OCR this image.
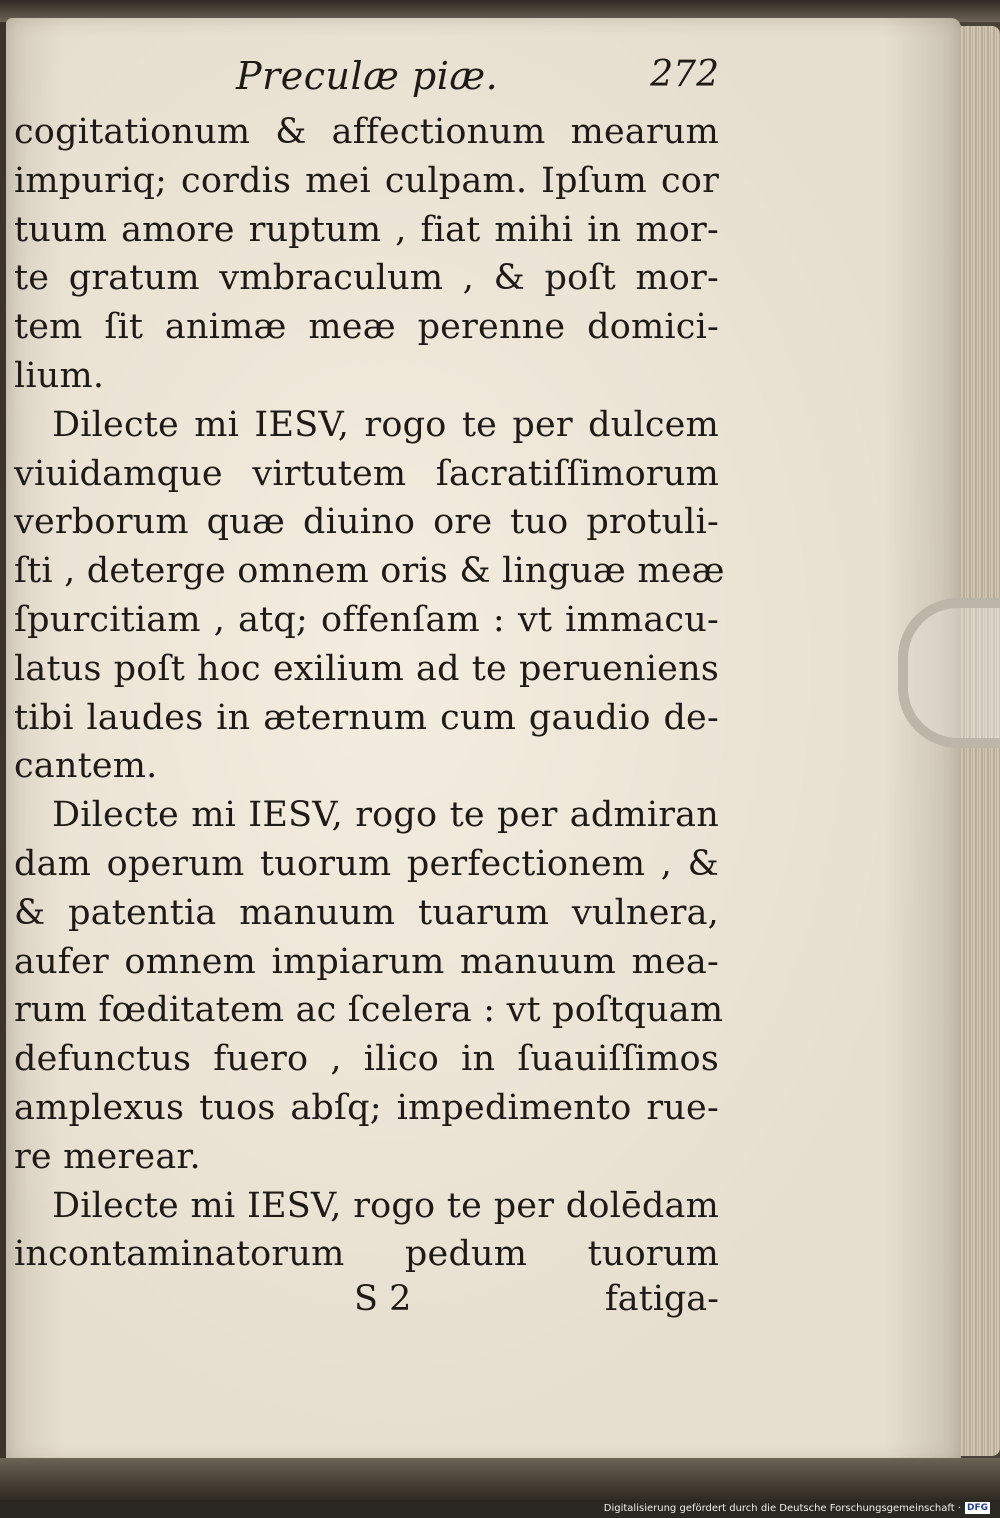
Preculæ piæ.	272
cogitationum & affectionum mearum
impuriq; cordis mei culpam. Ipſum cor
tuum amore ruptum , fiat mihi in mor-
te gratum vmbraculum , & poſt mor-
tem ſit animæ meæ perenne domici-
lium.
Dilecte mi IESV, rogo te per dulcem
viuidamque virtutem ſacratiſſimorum
verborum quæ diuino ore tuo protuli-
ſti , deterge omnem oris & linguæ meæ
ſpurcitiam , atq; offenſam : vt immacu-
latus poſt hoc exilium ad te perueniens
tibi laudes in æternum cum gaudio de-
cantem.
Dilecte mi IESV, rogo te per admiran
dam operum tuorum perfectionem , &
& patentia manuum tuarum vulnera,
aufer omnem impiarum manuum mea-
rum fœditatem ac ſcelera : vt poſtquam
defunctus fuero , ilico in ſuauiſſimos
amplexus tuos abſq; impedimento rue-
re merear.
Dilecte mi IESV, rogo te per dolēdam
incontaminatorum pedum tuorum
S 2	fatiga-
Digitalisierung gefördert durch die Deutsche Forschungsgemeinschaft · DFG
